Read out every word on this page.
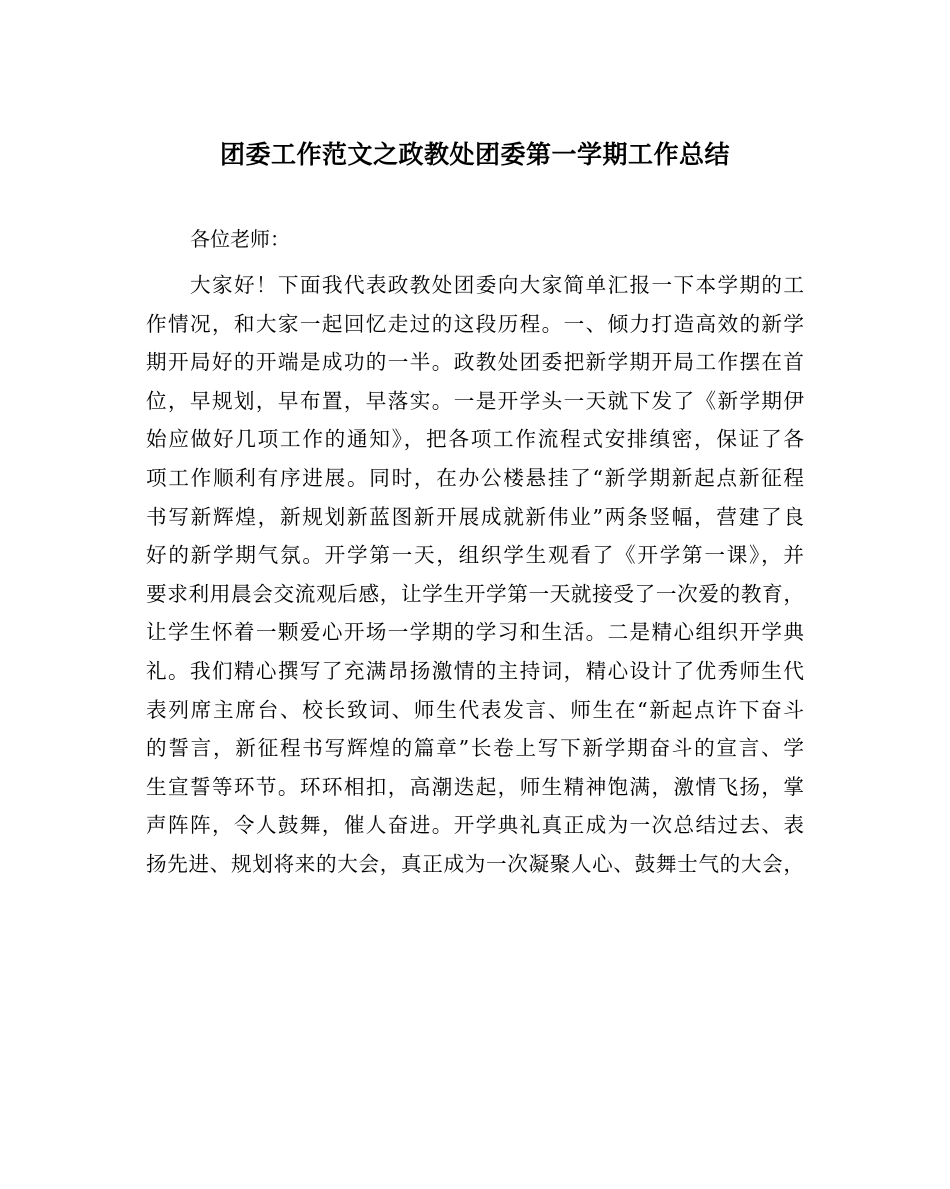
团委工作范文之政教处团委第一学期工作总结
各位老师：
大家好！下面我代表政教处团委向大家简单汇报一下本学期的工
作情况，和大家一起回忆走过的这段历程。一、倾力打造高效的新学
期开局好的开端是成功的一半。政教处团委把新学期开局工作摆在首
位，早规划，早布置，早落实。一是开学头一天就下发了《新学期伊
始应做好几项工作的通知》，把各项工作流程式安排缜密，保证了各
项工作顺利有序进展。同时，在办公楼悬挂了“新学期新起点新征程
书写新辉煌，新规划新蓝图新开展成就新伟业”两条竖幅，营建了良
好的新学期气氛。开学第一天，组织学生观看了《开学第一课》，并
要求利用晨会交流观后感，让学生开学第一天就接受了一次爱的教育，
让学生怀着一颗爱心开场一学期的学习和生活。二是精心组织开学典
礼。我们精心撰写了充满昂扬激情的主持词，精心设计了优秀师生代
表列席主席台、校长致词、师生代表发言、师生在“新起点许下奋斗
的誓言，新征程书写辉煌的篇章”长卷上写下新学期奋斗的宣言、学
生宣誓等环节。环环相扣，高潮迭起，师生精神饱满，激情飞扬，掌
声阵阵，令人鼓舞，催人奋进。开学典礼真正成为一次总结过去、表
扬先进、规划将来的大会，真正成为一次凝聚人心、鼓舞士气的大会，
